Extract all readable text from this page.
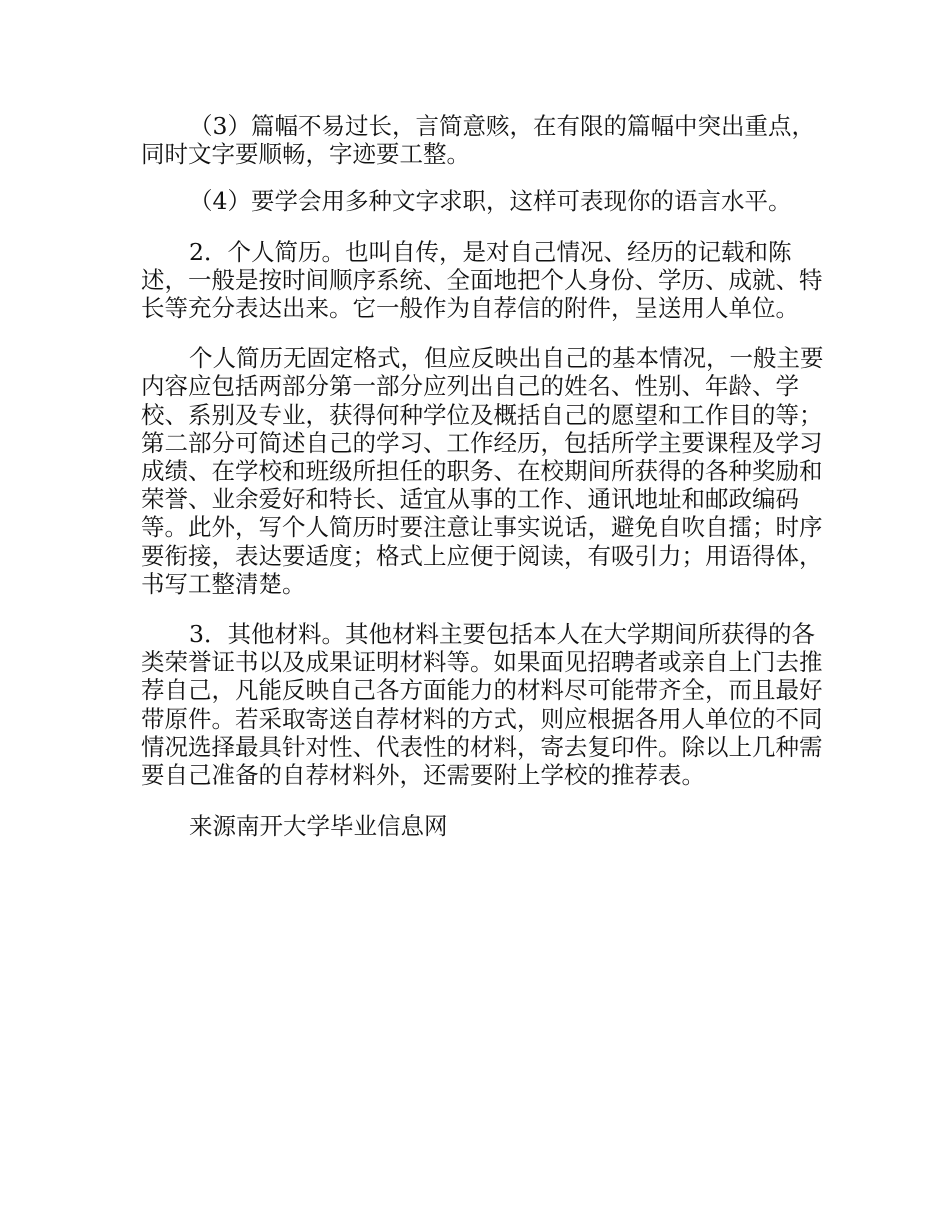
（3）篇幅不易过长，言简意赅，在有限的篇幅中突出重点，同时文字要顺畅，字迹要工整。

（4）要学会用多种文字求职，这样可表现你的语言水平。

2．个人简历。也叫自传，是对自己情况、经历的记载和陈述，一般是按时间顺序系统、全面地把个人身份、学历、成就、特长等充分表达出来。它一般作为自荐信的附件，呈送用人单位。

个人简历无固定格式，但应反映出自己的基本情况，一般主要内容应包括两部分第一部分应列出自己的姓名、性别、年龄、学校、系别及专业，获得何种学位及概括自己的愿望和工作目的等；第二部分可简述自己的学习、工作经历，包括所学主要课程及学习成绩、在学校和班级所担任的职务、在校期间所获得的各种奖励和荣誉、业余爱好和特长、适宜从事的工作、通讯地址和邮政编码等。此外，写个人简历时要注意让事实说话，避免自吹自擂；时序要衔接，表达要适度；格式上应便于阅读，有吸引力；用语得体，书写工整清楚。

3．其他材料。其他材料主要包括本人在大学期间所获得的各类荣誉证书以及成果证明材料等。如果面见招聘者或亲自上门去推荐自己，凡能反映自己各方面能力的材料尽可能带齐全，而且最好带原件。若采取寄送自荐材料的方式，则应根据各用人单位的不同情况选择最具针对性、代表性的材料，寄去复印件。除以上几种需要自己准备的自荐材料外，还需要附上学校的推荐表。

来源南开大学毕业信息网
